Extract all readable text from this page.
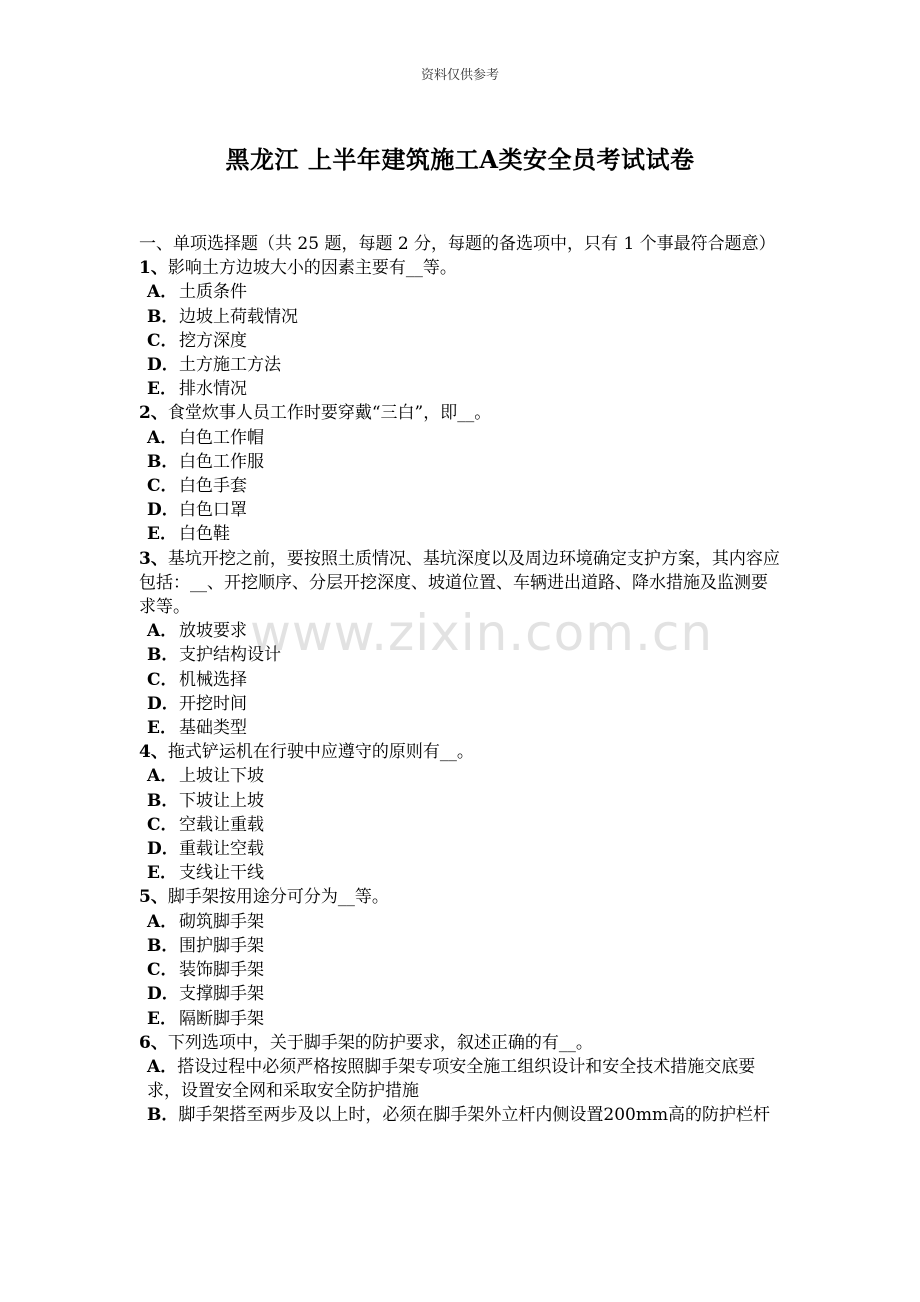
资料仅供参考
黑龙江 上半年建筑施工A类安全员考试试卷
www.zixin.com.cn
一、单项选择题（共 25 题，每题 2 分，每题的备选项中，只有 1 个事最符合题意）
1、影响土方边坡大小的因素主要有__等。
A． 土质条件
B．边坡上荷载情况
C．挖方深度
D．土方施工方法
E． 排水情况
2、食堂炊事人员工作时要穿戴“三白”，即__。
A． 白色工作帽
B．白色工作服
C．白色手套
D．白色口罩
E． 白色鞋
3、基坑开挖之前，要按照土质情况、基坑深度以及周边环境确定支护方案，其内容应包括：__、开挖顺序、分层开挖深度、坡道位置、车辆进出道路、降水措施及监测要求等。
A． 放坡要求
B．支护结构设计
C．机械选择
D．开挖时间
E． 基础类型
4、拖式铲运机在行驶中应遵守的原则有__。
A． 上坡让下坡
B．下坡让上坡
C．空载让重载
D．重载让空载
E． 支线让干线
5、脚手架按用途分可分为__等。
A． 砌筑脚手架
B．围护脚手架
C．装饰脚手架
D．支撑脚手架
E． 隔断脚手架
6、下列选项中，关于脚手架的防护要求，叙述正确的有__。
A．搭设过程中必须严格按照脚手架专项安全施工组织设计和安全技术措施交底要求，设置安全网和采取安全防护措施
B．脚手架搭至两步及以上时，必须在脚手架外立杆内侧设置200mm高的防护栏杆
